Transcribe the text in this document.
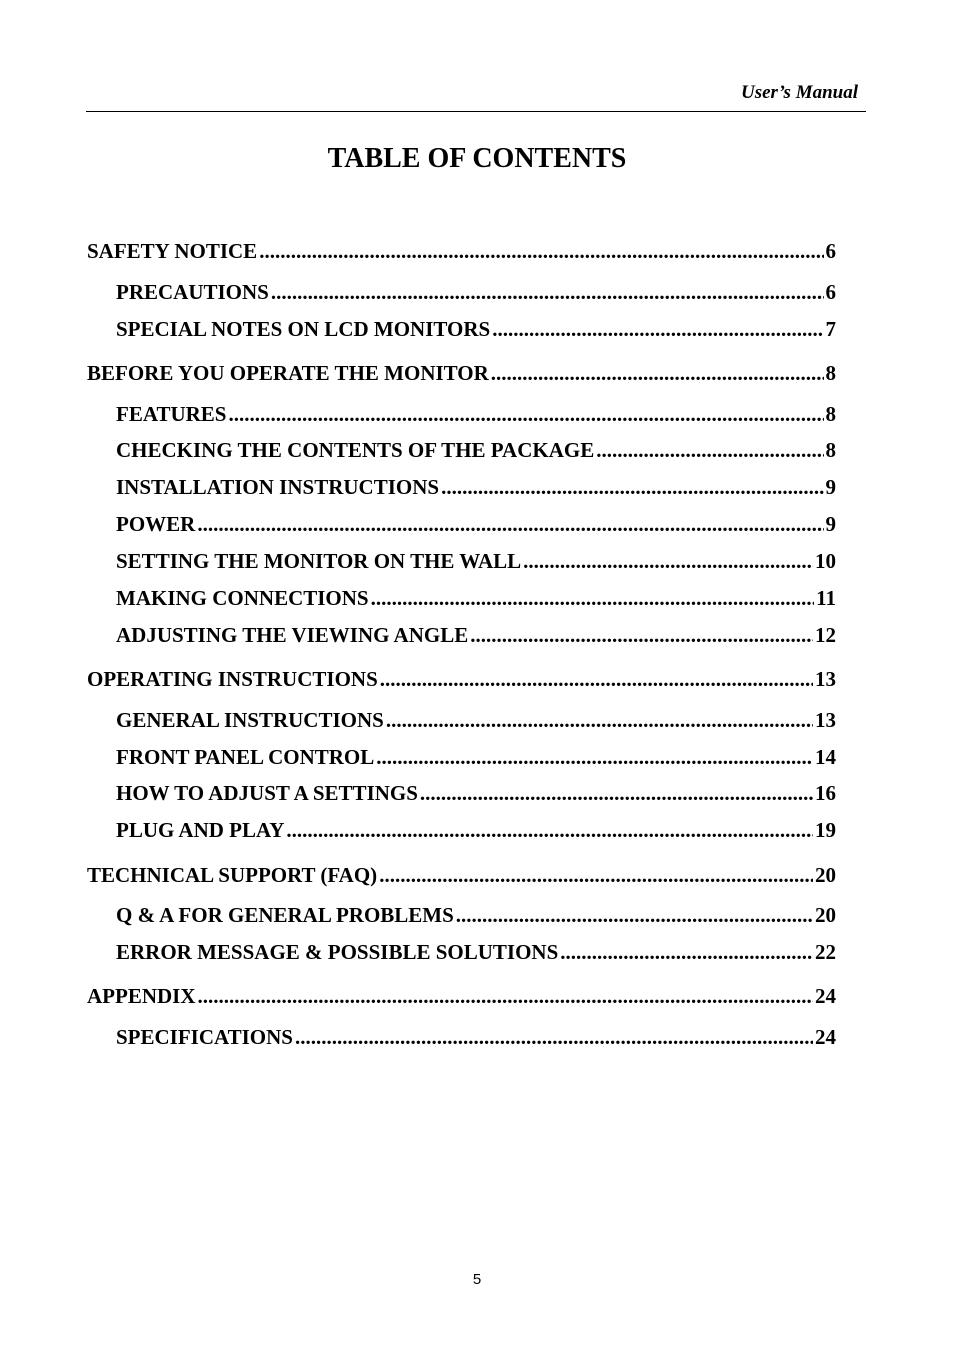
User’s Manual
TABLE OF CONTENTS
SAFETY NOTICE .....	6
PRECAUTIONS .....	6
SPECIAL NOTES ON LCD MONITORS .....	7
BEFORE YOU OPERATE THE MONITOR .....	8
FEATURES .....	8
CHECKING THE CONTENTS OF THE PACKAGE .....	8
INSTALLATION INSTRUCTIONS .....	9
POWER .....	9
SETTING THE MONITOR ON THE WALL .....	10
MAKING CONNECTIONS .....	11
ADJUSTING THE VIEWING ANGLE .....	12
OPERATING INSTRUCTIONS .....	13
GENERAL INSTRUCTIONS .....	13
FRONT PANEL CONTROL .....	14
HOW TO ADJUST A SETTINGS .....	16
PLUG AND PLAY .....	19
TECHNICAL SUPPORT (FAQ) .....	20
Q & A FOR GENERAL PROBLEMS .....	20
ERROR MESSAGE & POSSIBLE SOLUTIONS .....	22
APPENDIX .....	24
SPECIFICATIONS .....	24
5
